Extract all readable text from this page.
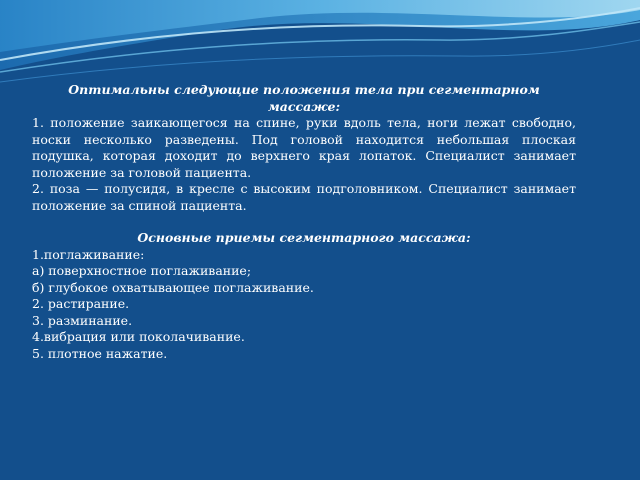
Оптимальны следующие положения тела при сегментарном массаже:

1. положение заикающегося на спине, руки вдоль тела, ноги лежат свободно, носки несколько разведены. Под головой находится небольшая плоская подушка, которая доходит до верхнего края лопаток. Специалист занимает положение за головой пациента.

2. поза — полусидя, в кресле с высоким подголовником. Специалист занимает положение за спиной пациента.

Основные приемы сегментарного массажа:

1.поглаживание:

а) поверхностное поглаживание;

б) глубокое охватывающее поглаживание.

2. растирание.

3. разминание.

4.вибрация или поколачивание.

5. плотное нажатие.
